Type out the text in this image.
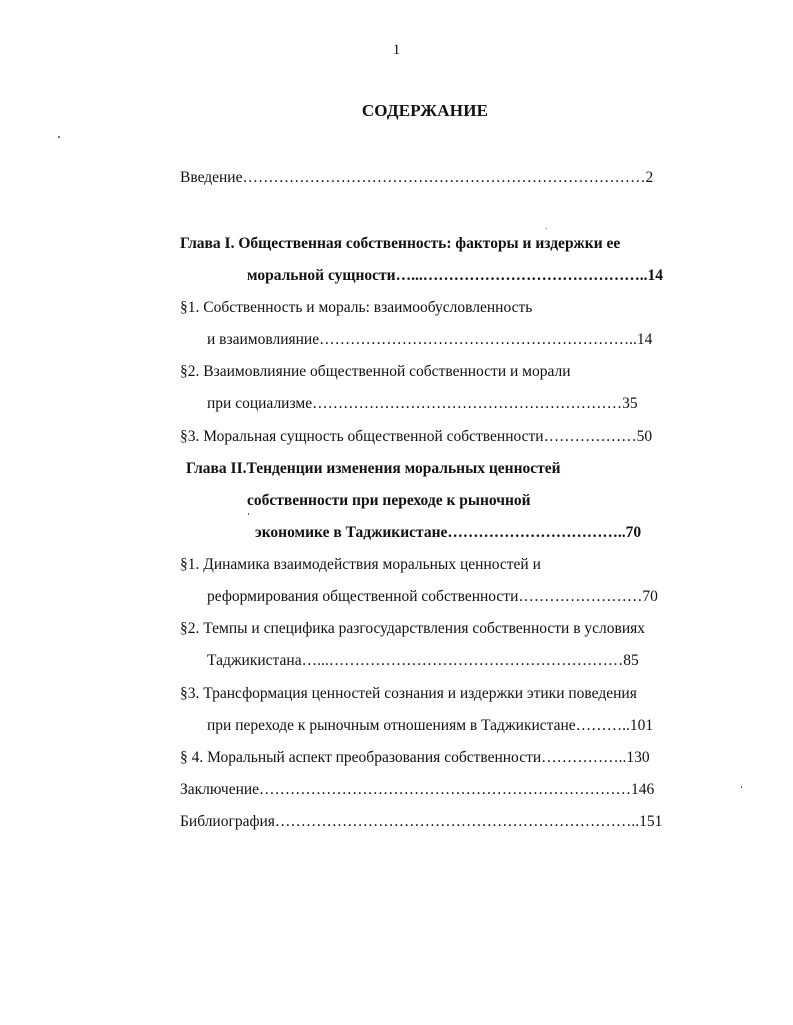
1
СОДЕРЖАНИЕ
Введение……………………………………………………………………2
Глава I. Общественная собственность: факторы и издержки ее
моральной сущности…...……………………………………..14
§1. Собственность и мораль: взаимообусловленность
и взаимовлияние……………………………………………………..14
§2. Взаимовлияние общественной собственности и морали
при социализме……………………………………………………35
§3. Моральная сущность общественной собственности………………50
Глава II.Тенденции изменения моральных ценностей
собственности при переходе к рыночной
экономике в Таджикистане……………………………..70
§1. Динамика взаимодействия моральных ценностей и
реформирования общественной собственности……………………70
§2. Темпы и специфика разгосударствления собственности в условиях
Таджикистана…...…………………………………………………85
§3. Трансформация ценностей сознания и издержки этики поведения
при переходе к рыночным отношениям в Таджикистане………..101
§ 4. Моральный аспект преобразования собственности……………..130
Заключение………………………………………………………………146
Библиография……………………………………………………………..151
